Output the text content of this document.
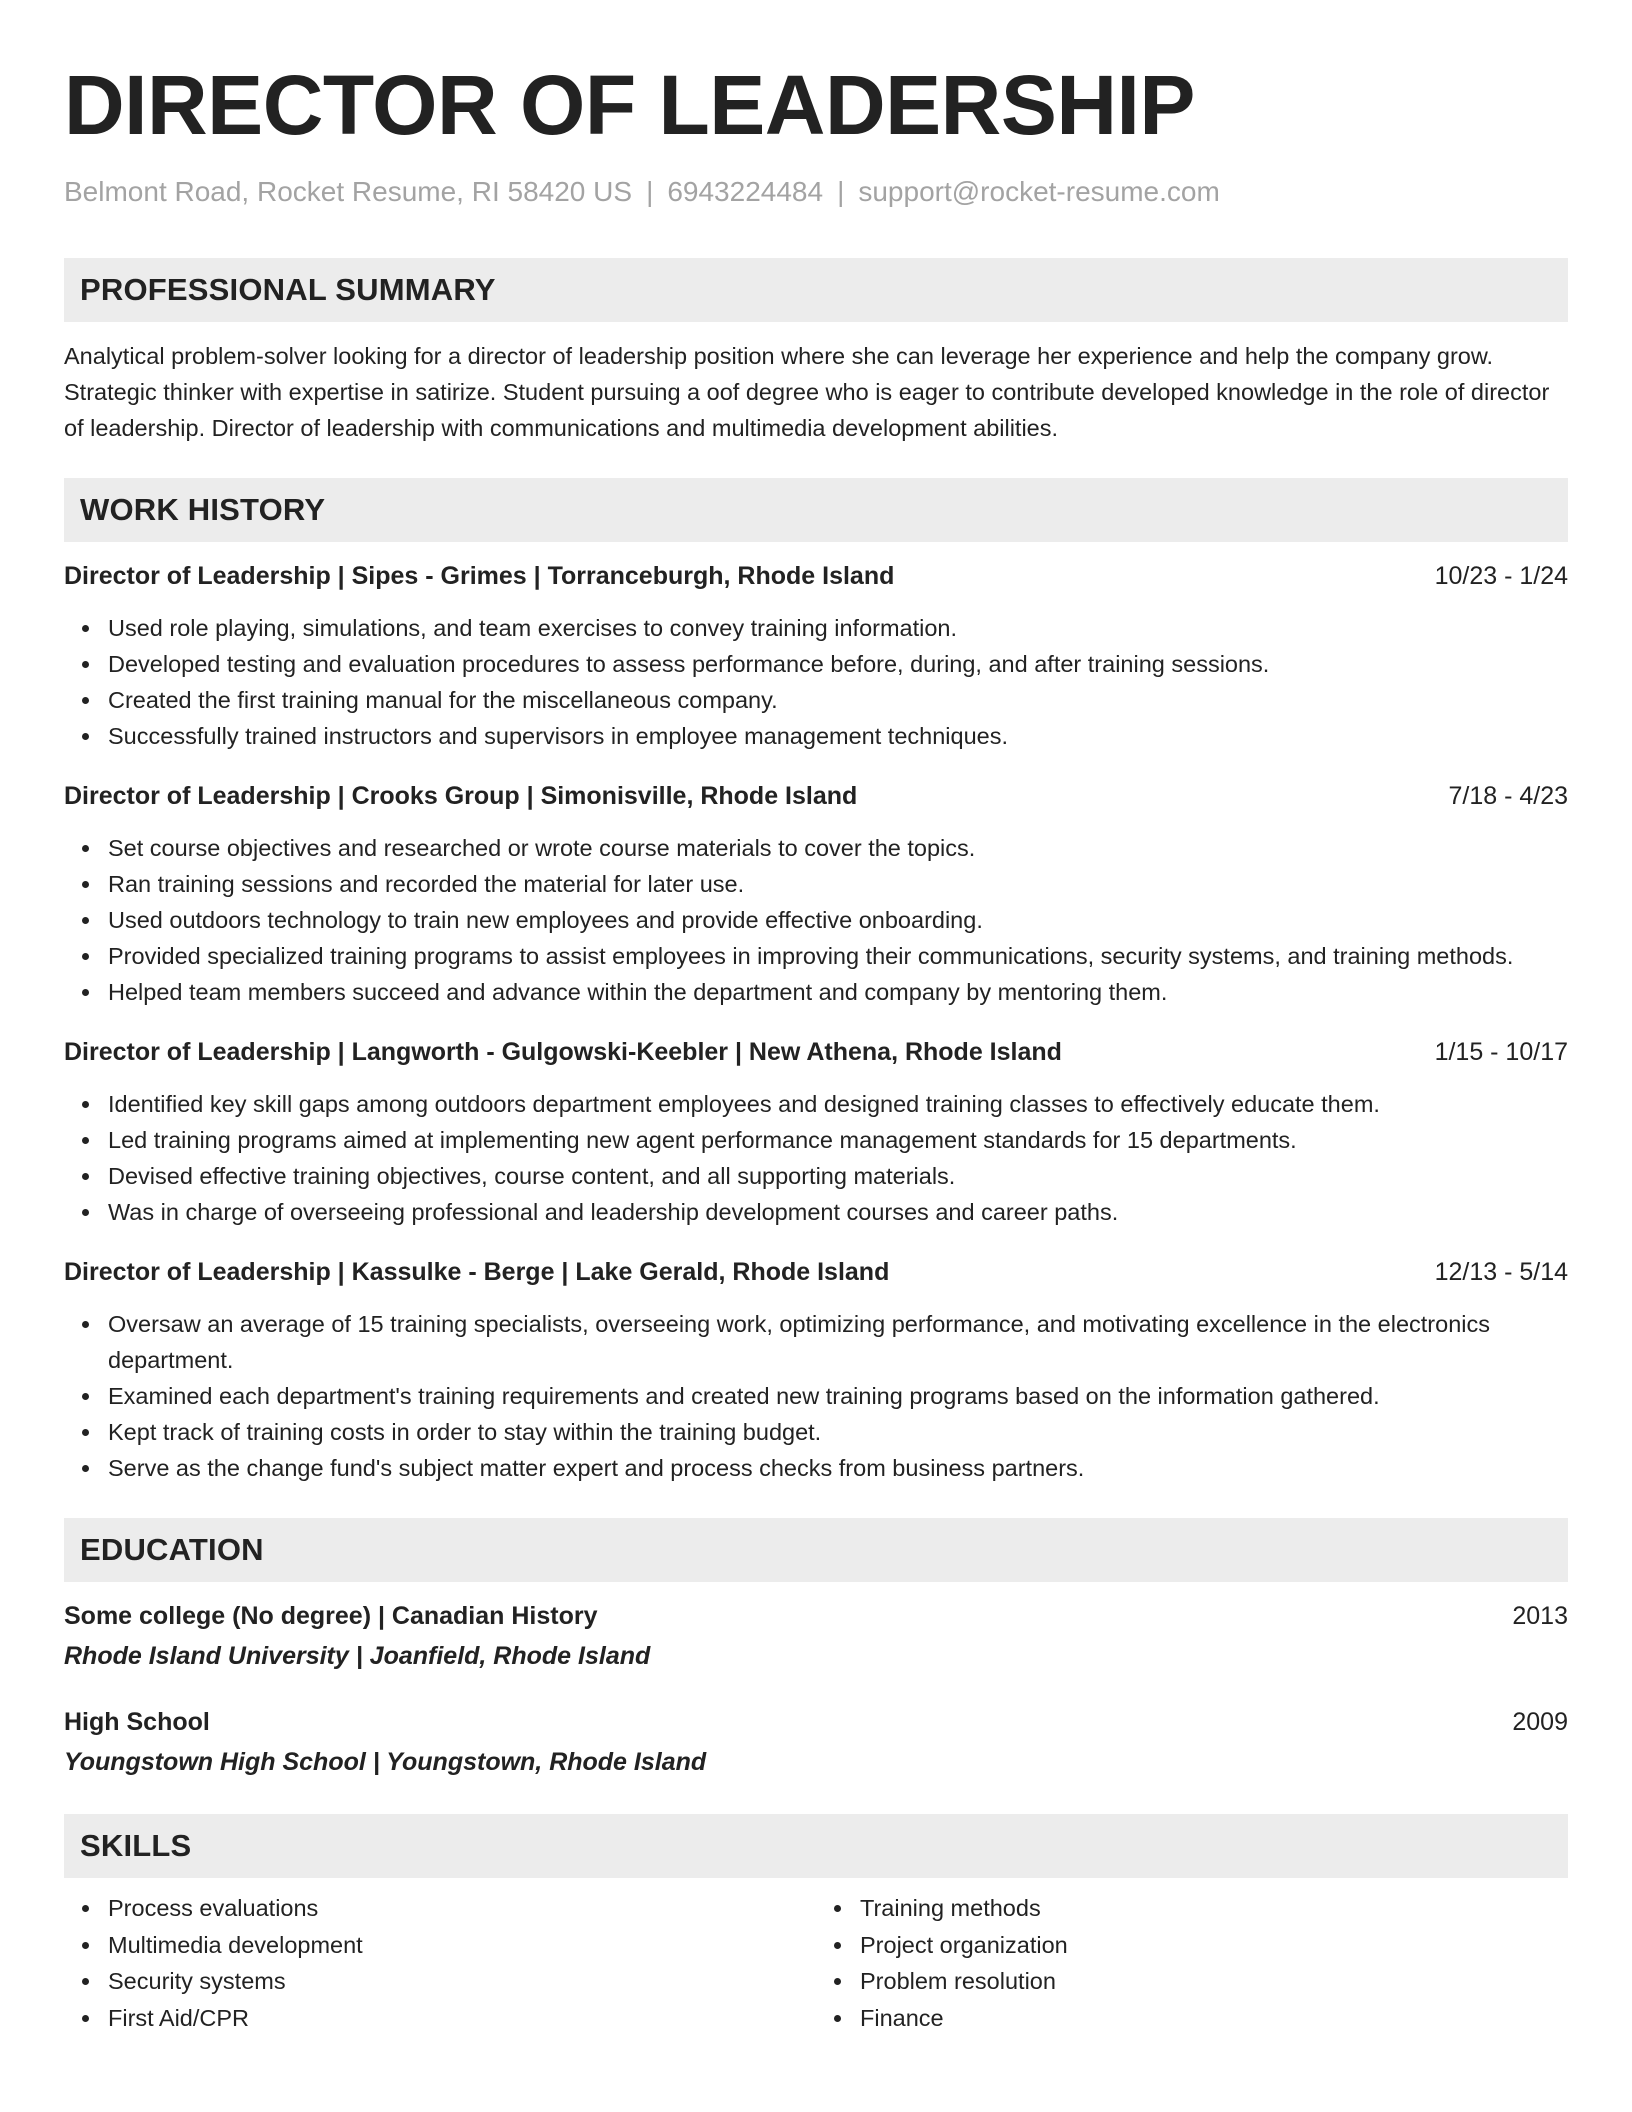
DIRECTOR OF LEADERSHIP
Belmont Road, Rocket Resume, RI 58420 US | 6943224484 | support@rocket-resume.com
PROFESSIONAL SUMMARY

Analytical problem-solver looking for a director of leadership position where she can leverage her experience and help the company grow. Strategic thinker with expertise in satirize. Student pursuing a oof degree who is eager to contribute developed knowledge in the role of director of leadership. Director of leadership with communications and multimedia development abilities.

WORK HISTORY
Director of Leadership | Sipes - Grimes | Torranceburgh, Rhode Island	10/23 - 1/24
Used role playing, simulations, and team exercises to convey training information.
Developed testing and evaluation procedures to assess performance before, during, and after training sessions.
Created the first training manual for the miscellaneous company.
Successfully trained instructors and supervisors in employee management techniques.
Director of Leadership | Crooks Group | Simonisville, Rhode Island	7/18 - 4/23
Set course objectives and researched or wrote course materials to cover the topics.
Ran training sessions and recorded the material for later use.
Used outdoors technology to train new employees and provide effective onboarding.
Provided specialized training programs to assist employees in improving their communications, security systems, and training methods.
Helped team members succeed and advance within the department and company by mentoring them.
Director of Leadership | Langworth - Gulgowski-Keebler | New Athena, Rhode Island	1/15 - 10/17
Identified key skill gaps among outdoors department employees and designed training classes to effectively educate them.
Led training programs aimed at implementing new agent performance management standards for 15 departments.
Devised effective training objectives, course content, and all supporting materials.
Was in charge of overseeing professional and leadership development courses and career paths.
Director of Leadership | Kassulke - Berge | Lake Gerald, Rhode Island	12/13 - 5/14
Oversaw an average of 15 training specialists, overseeing work, optimizing performance, and motivating excellence in the electronics department.
Examined each department's training requirements and created new training programs based on the information gathered.
Kept track of training costs in order to stay within the training budget.
Serve as the change fund's subject matter expert and process checks from business partners.
EDUCATION
Some college (No degree) | Canadian History	2013
Rhode Island University | Joanfield, Rhode Island
High School	2009
Youngstown High School | Youngstown, Rhode Island
SKILLS
Process evaluations
Multimedia development
Security systems
First Aid/CPR
Training methods
Project organization
Problem resolution
Finance
